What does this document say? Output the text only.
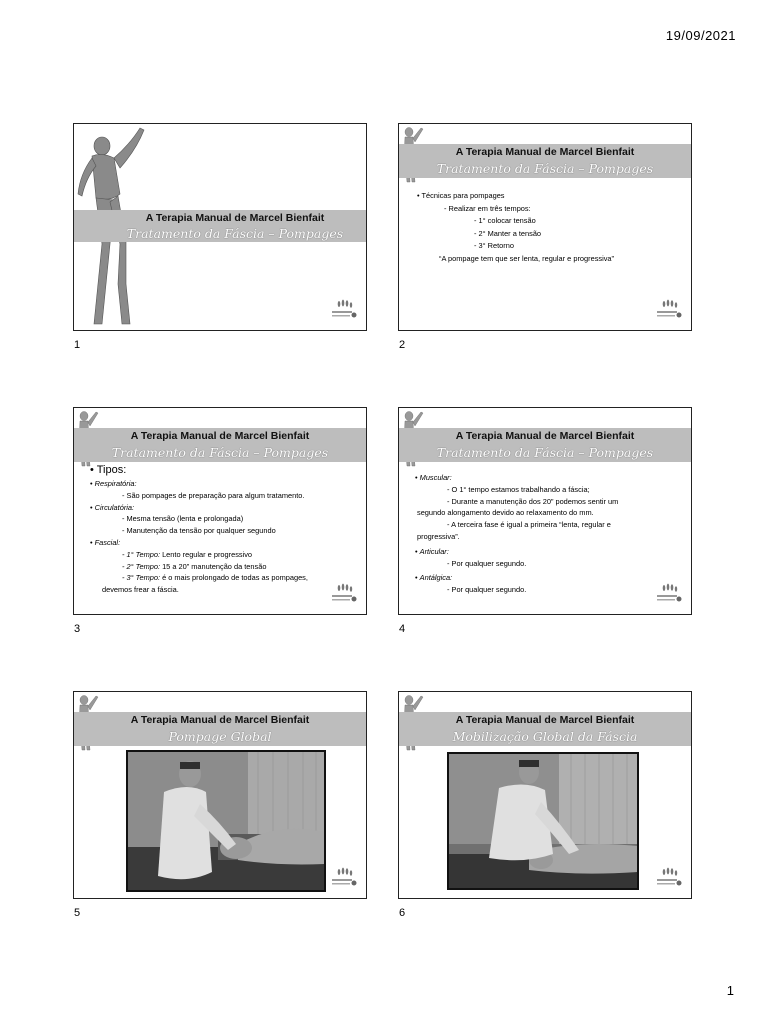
19/09/2021
A Terapia Manual de Marcel Bienfait
Tratamento da Fáscia – Pompages
1
A Terapia Manual de Marcel Bienfait
Tratamento da Fáscia – Pompages
• Técnicas para pompages
- Realizar em três tempos:
- 1° colocar tensão
- 2° Manter a tensão
- 3° Retorno
“A pompage tem que ser lenta, regular e progressiva”
2
A Terapia Manual de Marcel Bienfait
Tratamento da Fáscia – Pompages
• Tipos:
• Respiratória:
- São pompages de preparação para algum tratamento.
• Circulatória:
- Mesma tensão (lenta e prolongada)
- Manutenção da tensão por qualquer segundo
• Fascial:
- 1° Tempo: Lento regular e progressivo
- 2° Tempo: 15 a 20” manutenção da tensão
- 3° Tempo: é o mais prolongado de todas as pompages,
devemos frear a fáscia.
3
A Terapia Manual de Marcel Bienfait
Tratamento da Fáscia – Pompages
• Muscular:
- O 1° tempo estamos trabalhando a fáscia;
- Durante a manutenção dos 20” podemos sentir um
segundo alongamento devido ao relaxamento do mm.
- A terceira fase é igual a primeira “lenta, regular e
progressiva”.
• Articular:
- Por qualquer segundo.
• Antálgica:
- Por qualquer segundo.
4
A Terapia Manual de Marcel Bienfait
Pompage Global
5
A Terapia Manual de Marcel Bienfait
Mobilização Global da Fáscia
6
1
